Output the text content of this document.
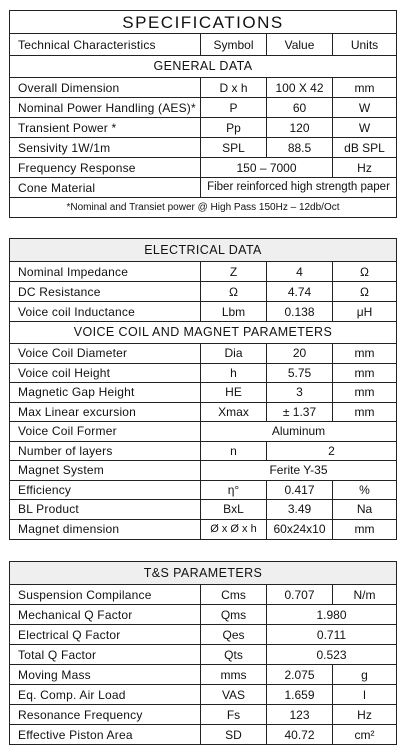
SPECIFICATIONS
Technical Characteristics	Symbol	Value	Units
GENERAL DATA
Overall Dimension	D x h	100 X 42	mm
Nominal Power Handling (AES)*	P	60	W
Transient Power *	Pp	120	W
Sensivity 1W/1m	SPL	88.5	dB SPL
Frequency Response	150 – 7000	Hz
Cone Material	Fiber reinforced high strength paper
*Nominal and Transiet power @ High Pass 150Hz – 12db/Oct
ELECTRICAL DATA
Nominal Impedance	Z	4	Ω
DC Resistance	Ω	4.74	Ω
Voice coil Inductance	Lbm	0.138	μH
VOICE COIL AND MAGNET PARAMETERS
Voice Coil Diameter	Dia	20	mm
Voice coil Height	h	5.75	mm
Magnetic Gap Height	HE	3	mm
Max Linear excursion	Xmax	± 1.37	mm
Voice Coil Former	Aluminum
Number of layers	n	2
Magnet System	Ferite Y-35
Efficiency	η°	0.417	%
BL Product	BxL	3.49	Na
Magnet dimension	Ø x Ø x h	60x24x10	mm
T&S PARAMETERS
Suspension Compilance	Cms	0.707	N/m
Mechanical Q Factor	Qms	1.980
Electrical Q Factor	Qes	0.711
Total Q Factor	Qts	0.523
Moving Mass	mms	2.075	g
Eq. Comp. Air Load	VAS	1.659	l
Resonance Frequency	Fs	123	Hz
Effective Piston Area	SD	40.72	cm²
